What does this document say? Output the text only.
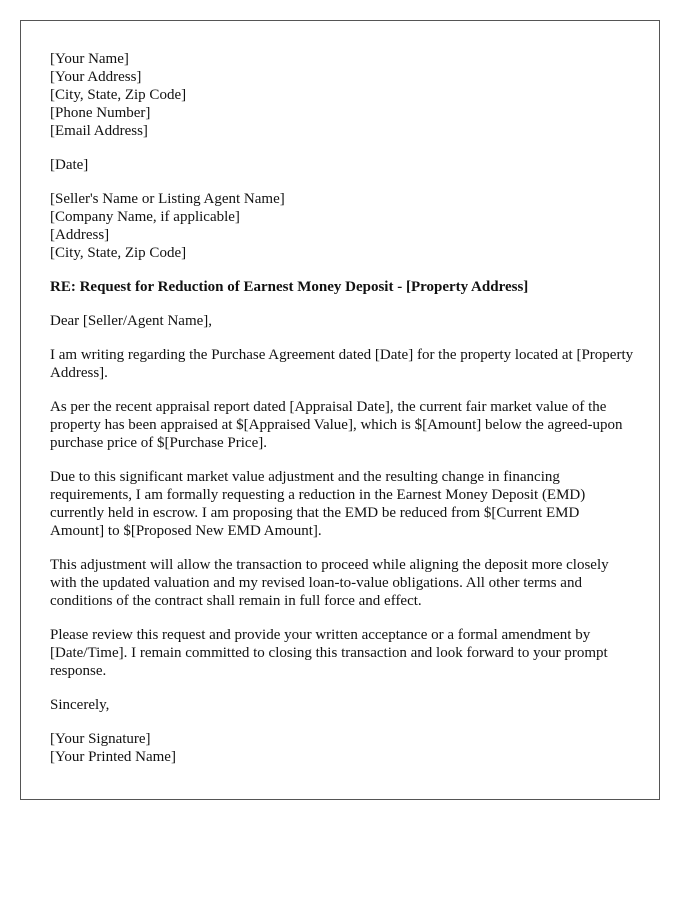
[Your Name]
[Your Address]
[City, State, Zip Code]
[Phone Number]
[Email Address]
[Date]
[Seller's Name or Listing Agent Name]
[Company Name, if applicable]
[Address]
[City, State, Zip Code]

RE: Request for Reduction of Earnest Money Deposit - [Property Address]

Dear [Seller/Agent Name],

I am writing regarding the Purchase Agreement dated [Date] for the property located at [Property Address].

As per the recent appraisal report dated [Appraisal Date], the current fair market value of the property has been appraised at $[Appraised Value], which is $[Amount] below the agreed-upon purchase price of $[Purchase Price].

Due to this significant market value adjustment and the resulting change in financing requirements, I am formally requesting a reduction in the Earnest Money Deposit (EMD) currently held in escrow. I am proposing that the EMD be reduced from $[Current EMD Amount] to $[Proposed New EMD Amount].

This adjustment will allow the transaction to proceed while aligning the deposit more closely with the updated valuation and my revised loan-to-value obligations. All other terms and conditions of the contract shall remain in full force and effect.

Please review this request and provide your written acceptance or a formal amendment by [Date/Time]. I remain committed to closing this transaction and look forward to your prompt response.

Sincerely,

[Your Signature]
[Your Printed Name]
